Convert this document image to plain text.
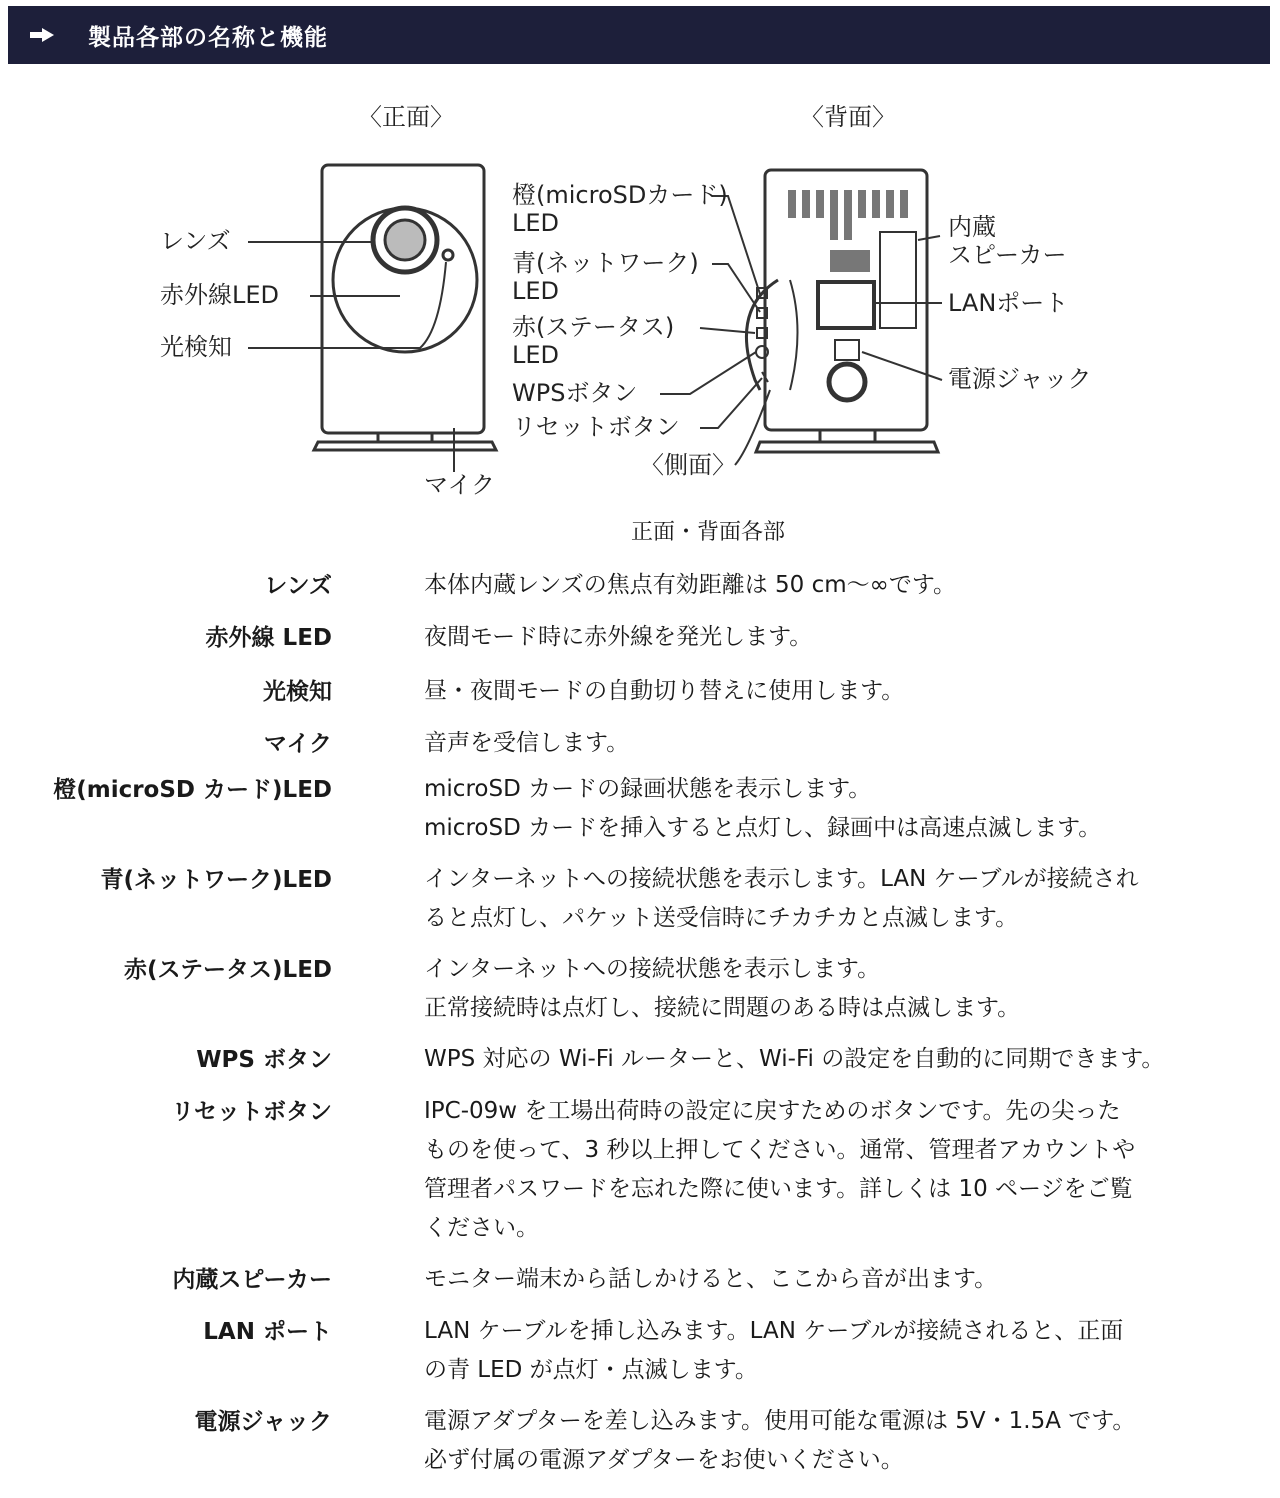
製品各部の名称と機能
〈正面〉	〈背面〉
レンズ
赤外線LED
光検知
マイク
橙(microSDカード)
LED
青(ネットワーク)
LED
赤(ステータス)
LED
WPSボタン
リセットボタン
〈側面〉
内蔵
スピーカー
LANポート
電源ジャック
正面・背面各部
レンズ	本体内蔵レンズの焦点有効距離は 50 cm〜∞です。
赤外線 LED	夜間モード時に赤外線を発光します。
光検知	昼・夜間モードの自動切り替えに使用します。
マイク	音声を受信します。
橙(microSD カード)LED	microSD カードの録画状態を表示します。
microSD カードを挿入すると点灯し、録画中は高速点滅します。
青(ネットワーク)LED	インターネットへの接続状態を表示します。LAN ケーブルが接続され
ると点灯し、パケット送受信時にチカチカと点滅します。
赤(ステータス)LED	インターネットへの接続状態を表示します。
正常接続時は点灯し、接続に問題のある時は点滅します。
WPS ボタン	WPS 対応の Wi-Fi ルーターと、Wi-Fi の設定を自動的に同期できます。
リセットボタン	IPC-09w を工場出荷時の設定に戻すためのボタンです。先の尖った
ものを使って、3 秒以上押してください。通常、管理者アカウントや
管理者パスワードを忘れた際に使います。詳しくは 10 ページをご覧
ください。
内蔵スピーカー	モニター端末から話しかけると、ここから音が出ます。
LAN ポート	LAN ケーブルを挿し込みます。LAN ケーブルが接続されると、正面
の青 LED が点灯・点滅します。
電源ジャック	電源アダプターを差し込みます。使用可能な電源は 5V・1.5A です。
必ず付属の電源アダプターをお使いください。
